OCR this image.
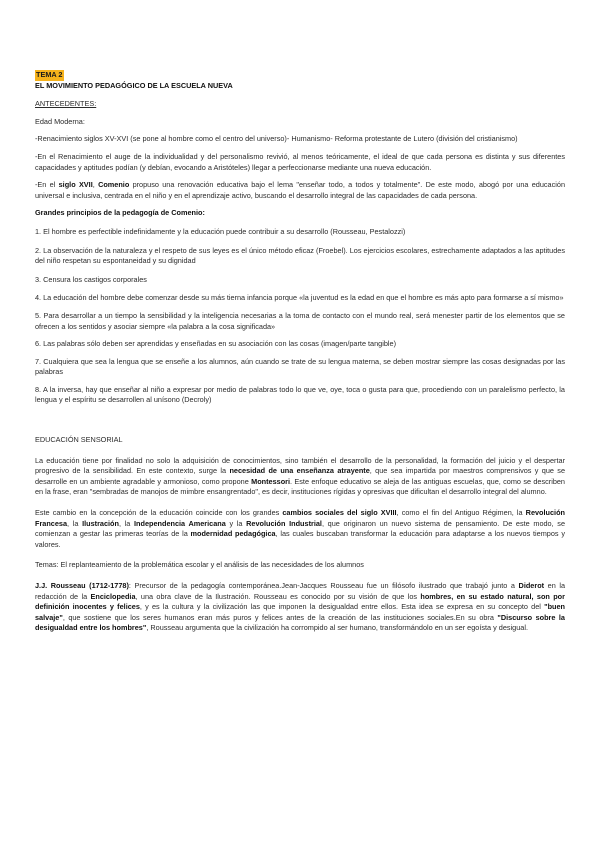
TEMA 2
EL MOVIMIENTO PEDAGÓGICO DE LA ESCUELA NUEVA
ANTECEDENTES:

Edad Moderna:

-Renacimiento siglos XV-XVI (se pone al hombre como el centro del universo)- Humanismo- Reforma protestante de Lutero (división del cristianismo)

-En el Renacimiento el auge de la individualidad y del personalismo revivió, al menos teóricamente, el ideal de que cada persona es distinta y sus diferentes capacidades y aptitudes podían (y debían, evocando a Aristóteles) llegar a perfeccionarse mediante una nueva educación.

-En el siglo XVII, Comenio propuso una renovación educativa bajo el lema "enseñar todo, a todos y totalmente". De este modo, abogó por una educación universal e inclusiva, centrada en el niño y en el aprendizaje activo, buscando el desarrollo integral de las capacidades de cada persona.

Grandes principios de la pedagogía de Comenio:

1. El hombre es perfectible indefinidamente y la educación puede contribuir a su desarrollo (Rousseau, Pestalozzi)

2. La observación de la naturaleza y el respeto de sus leyes es el único método eficaz (Froebel). Los ejercicios escolares, estrechamente adaptados a las aptitudes del niño respetan su espontaneidad y su dignidad

3. Censura los castigos corporales

4. La educación del hombre debe comenzar desde su más tierna infancia porque «la juventud es la edad en que el hombre es más apto para formarse a sí mismo»

5. Para desarrollar a un tiempo la sensibilidad y la inteligencia necesarias a la toma de contacto con el mundo real, será menester partir de los elementos que se ofrecen a los sentidos y asociar siempre «la palabra a la cosa significada»

6. Las palabras sólo deben ser aprendidas y enseñadas en su asociación con las cosas (imagen/parte tangible)

7. Cualquiera que sea la lengua que se enseñe a los alumnos, aún cuando se trate de su lengua materna, se deben mostrar siempre las cosas designadas por las palabras

8. A la inversa, hay que enseñar al niño a expresar por medio de palabras todo lo que ve, oye, toca o gusta para que, procediendo con un paralelismo perfecto, la lengua y el espíritu se desarrollen al unísono (Decroly)

EDUCACIÓN SENSORIAL

La educación tiene por finalidad no solo la adquisición de conocimientos, sino también el desarrollo de la personalidad, la formación del juicio y el despertar progresivo de la sensibilidad. En este contexto, surge la necesidad de una enseñanza atrayente, que sea impartida por maestros comprensivos y que se desarrolle en un ambiente agradable y armonioso, como propone Montessori. Este enfoque educativo se aleja de las antiguas escuelas, que, como se describen en la frase, eran "sembradas de manojos de mimbre ensangrentado", es decir, instituciones rígidas y opresivas que dificultan el desarrollo integral del alumno.

Este cambio en la concepción de la educación coincide con los grandes cambios sociales del siglo XVIII, como el fin del Antiguo Régimen, la Revolución Francesa, la Ilustración, la Independencia Americana y la Revolución Industrial, que originaron un nuevo sistema de pensamiento. De este modo, se comienzan a gestar las primeras teorías de la modernidad pedagógica, las cuales buscaban transformar la educación para adaptarse a los nuevos tiempos y valores.

Temas: El replanteamiento de la problemática escolar y el análisis de las necesidades de los alumnos

J.J. Rousseau (1712-1778): Precursor de la pedagogía contemporánea.Jean-Jacques Rousseau fue un filósofo ilustrado que trabajó junto a Diderot en la redacción de la Enciclopedia, una obra clave de la Ilustración. Rousseau es conocido por su visión de que los hombres, en su estado natural, son por definición inocentes y felices, y es la cultura y la civilización las que imponen la desigualdad entre ellos. Esta idea se expresa en su concepto del "buen salvaje", que sostiene que los seres humanos eran más puros y felices antes de la creación de las instituciones sociales.En su obra "Discurso sobre la desigualdad entre los hombres", Rousseau argumenta que la civilización ha corrompido al ser humano, transformándolo en un ser egoísta y desigual.
